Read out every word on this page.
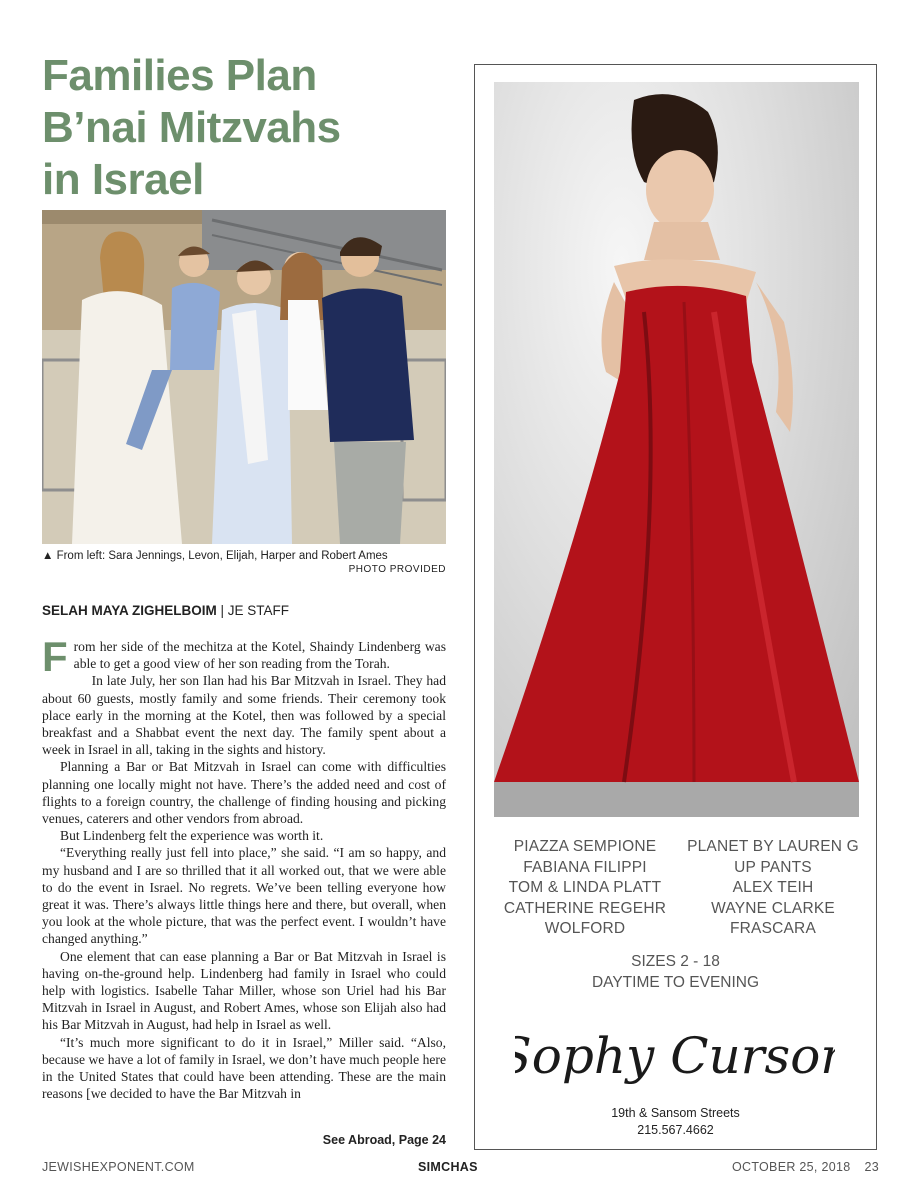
Families Plan
B’nai Mitzvahs
in Israel
▲ From left: Sara Jennings, Levon, Elijah, Harper and Robert Ames
PHOTO PROVIDED
SELAH MAYA ZIGHELBOIM | JE STAFF

From her side of the mechitza at the Kotel, Shaindy Lindenberg was able to get a good view of her son reading from the Torah.

In late July, her son Ilan had his Bar Mitzvah in Israel. They had about 60 guests, mostly family and some friends. Their ceremony took place early in the morning at the Kotel, then was followed by a special breakfast and a Shabbat event the next day. The family spent about a week in Israel in all, taking in the sights and history.

Planning a Bar or Bat Mitzvah in Israel can come with difficulties planning one locally might not have. There’s the added need and cost of flights to a foreign country, the challenge of finding housing and picking venues, caterers and other vendors from abroad.

But Lindenberg felt the experience was worth it.

“Everything really just fell into place,” she said. “I am so happy, and my husband and I are so thrilled that it all worked out, that we were able to do the event in Israel. No regrets. We’ve been telling everyone how great it was. There’s always little things here and there, but overall, when you look at the whole picture, that was the perfect event. I wouldn’t have changed anything.”

One element that can ease planning a Bar or Bat Mitzvah in Israel is having on-the-ground help. Lindenberg had family in Israel who could help with logistics. Isabelle Tahar Miller, whose son Uriel had his Bar Mitzvah in Israel in August, and Robert Ames, whose son Elijah also had his Bar Mitzvah in August, had help in Israel as well.

“It’s much more significant to do it in Israel,” Miller said. “Also, because we have a lot of family in Israel, we don’t have much people here in the United States that could have been attending. These are the main reasons [we decided to have the Bar Mitzvah in

See Abroad, Page 24
PIAZZA SEMPIONE
FABIANA FILIPPI
TOM & LINDA PLATT
CATHERINE REGEHR
WOLFORD
PLANET BY LAUREN G
UP PANTS
ALEX TEIH
WAYNE CLARKE
FRASCARA
SIZES 2 - 18
DAYTIME TO EVENING
Sophy Curson
19th & Sansom Streets
215.567.4662
JEWISHEXPONENT.COM	SIMCHAS	OCTOBER 25, 2018 23
